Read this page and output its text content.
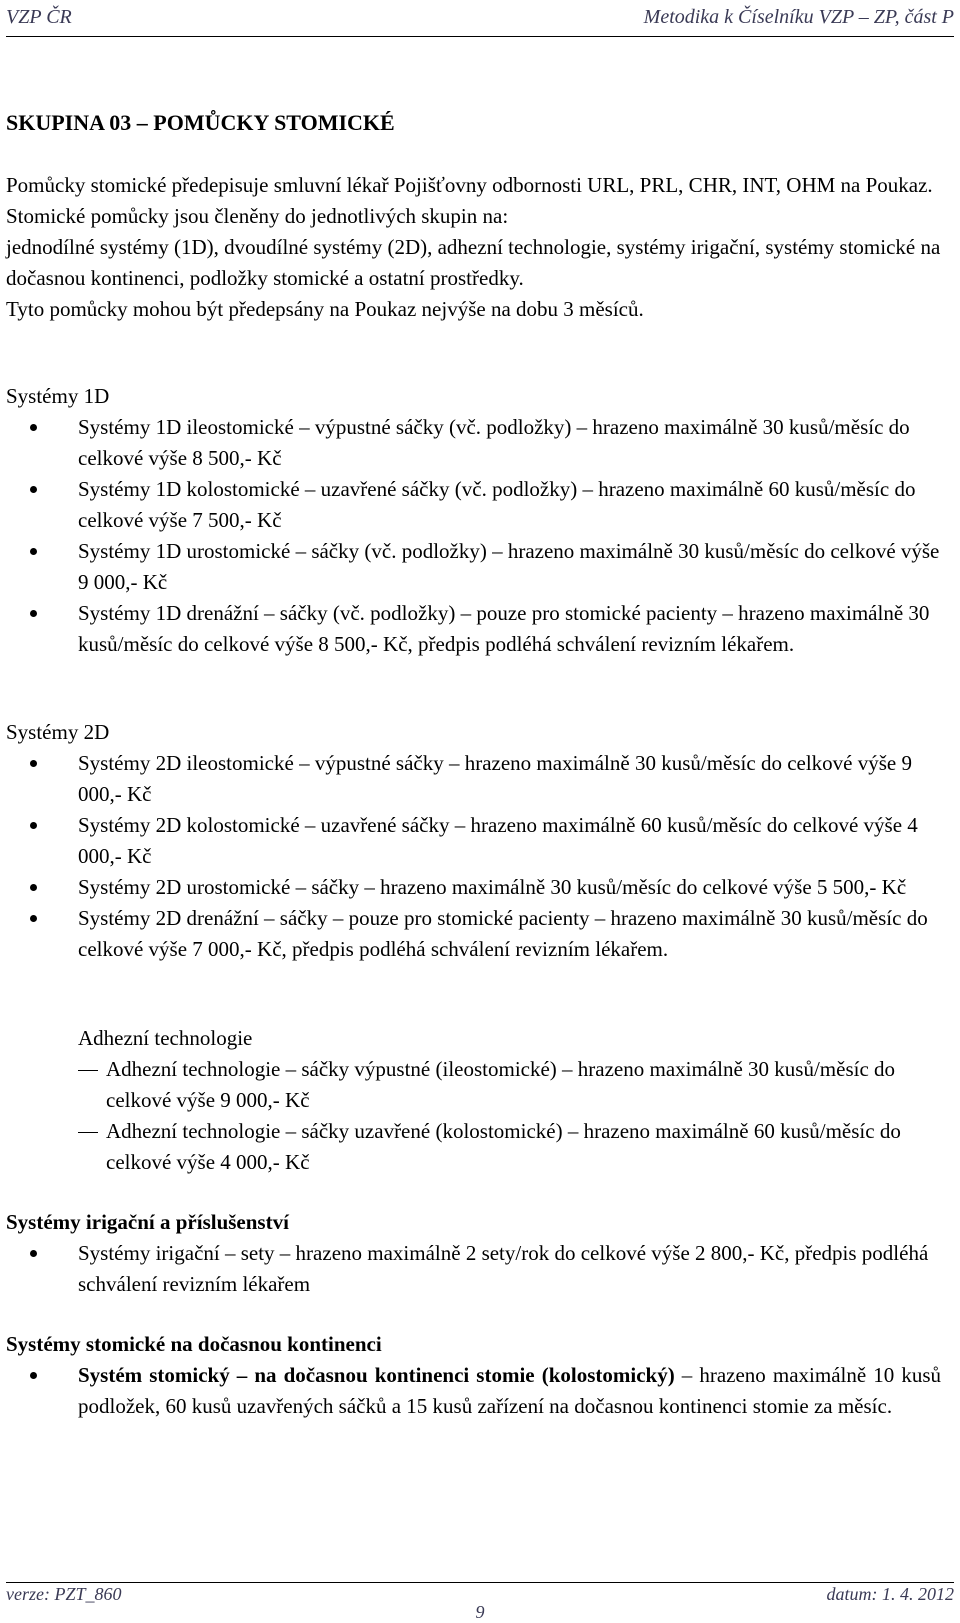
VZP ČR	Metodika k Číselníku VZP – ZP, část P
SKUPINA 03 – POMŮCKY STOMICKÉ

Pomůcky stomické předepisuje smluvní lékař Pojišťovny odbornosti URL, PRL, CHR, INT, OHM na Poukaz.

Stomické pomůcky jsou členěny do jednotlivých skupin na:

jednodílné systémy (1D), dvoudílné systémy (2D), adhezní technologie, systémy irigační, systémy stomické na dočasnou kontinenci, podložky stomické a ostatní prostředky.

Tyto pomůcky mohou být předepsány na Poukaz nejvýše na dobu 3 měsíců.

Systémy 1D
Systémy 1D ileostomické – výpustné sáčky (vč. podložky) – hrazeno maximálně 30 kusů/měsíc do celkové výše 8 500,- Kč
Systémy 1D kolostomické – uzavřené sáčky (vč. podložky) – hrazeno maximálně 60 kusů/měsíc do celkové výše 7 500,- Kč
Systémy 1D urostomické – sáčky (vč. podložky) – hrazeno maximálně 30 kusů/měsíc do celkové výše 9 000,- Kč
Systémy 1D drenážní – sáčky (vč. podložky) – pouze pro stomické pacienty – hrazeno maximálně 30 kusů/měsíc do celkové výše 8 500,- Kč, předpis podléhá schválení revizním lékařem.
Systémy 2D
Systémy 2D ileostomické – výpustné sáčky – hrazeno maximálně 30 kusů/měsíc do celkové výše 9 000,- Kč
Systémy 2D kolostomické – uzavřené sáčky – hrazeno maximálně 60 kusů/měsíc do celkové výše 4 000,- Kč
Systémy 2D urostomické – sáčky – hrazeno maximálně 30 kusů/měsíc do celkové výše 5 500,- Kč
Systémy 2D drenážní – sáčky – pouze pro stomické pacienty – hrazeno maximálně 30 kusů/měsíc do celkové výše 7 000,- Kč, předpis podléhá schválení revizním lékařem.
Adhezní technologie
Adhezní technologie – sáčky výpustné (ileostomické) – hrazeno maximálně 30 kusů/měsíc do celkové výše 9 000,- Kč
Adhezní technologie – sáčky uzavřené (kolostomické) – hrazeno maximálně 60 kusů/měsíc do celkové výše 4 000,- Kč
Systémy irigační a příslušenství
Systémy irigační – sety – hrazeno maximálně 2 sety/rok do celkové výše 2 800,- Kč, předpis podléhá schválení revizním lékařem
Systémy stomické na dočasnou kontinenci
Systém stomický – na dočasnou kontinenci stomie (kolostomický) – hrazeno maximálně 10 kusů podložek, 60 kusů uzavřených sáčků a 15 kusů zařízení na dočasnou kontinenci stomie za měsíc.
verze: PZT_860	datum: 1. 4. 2012
9
